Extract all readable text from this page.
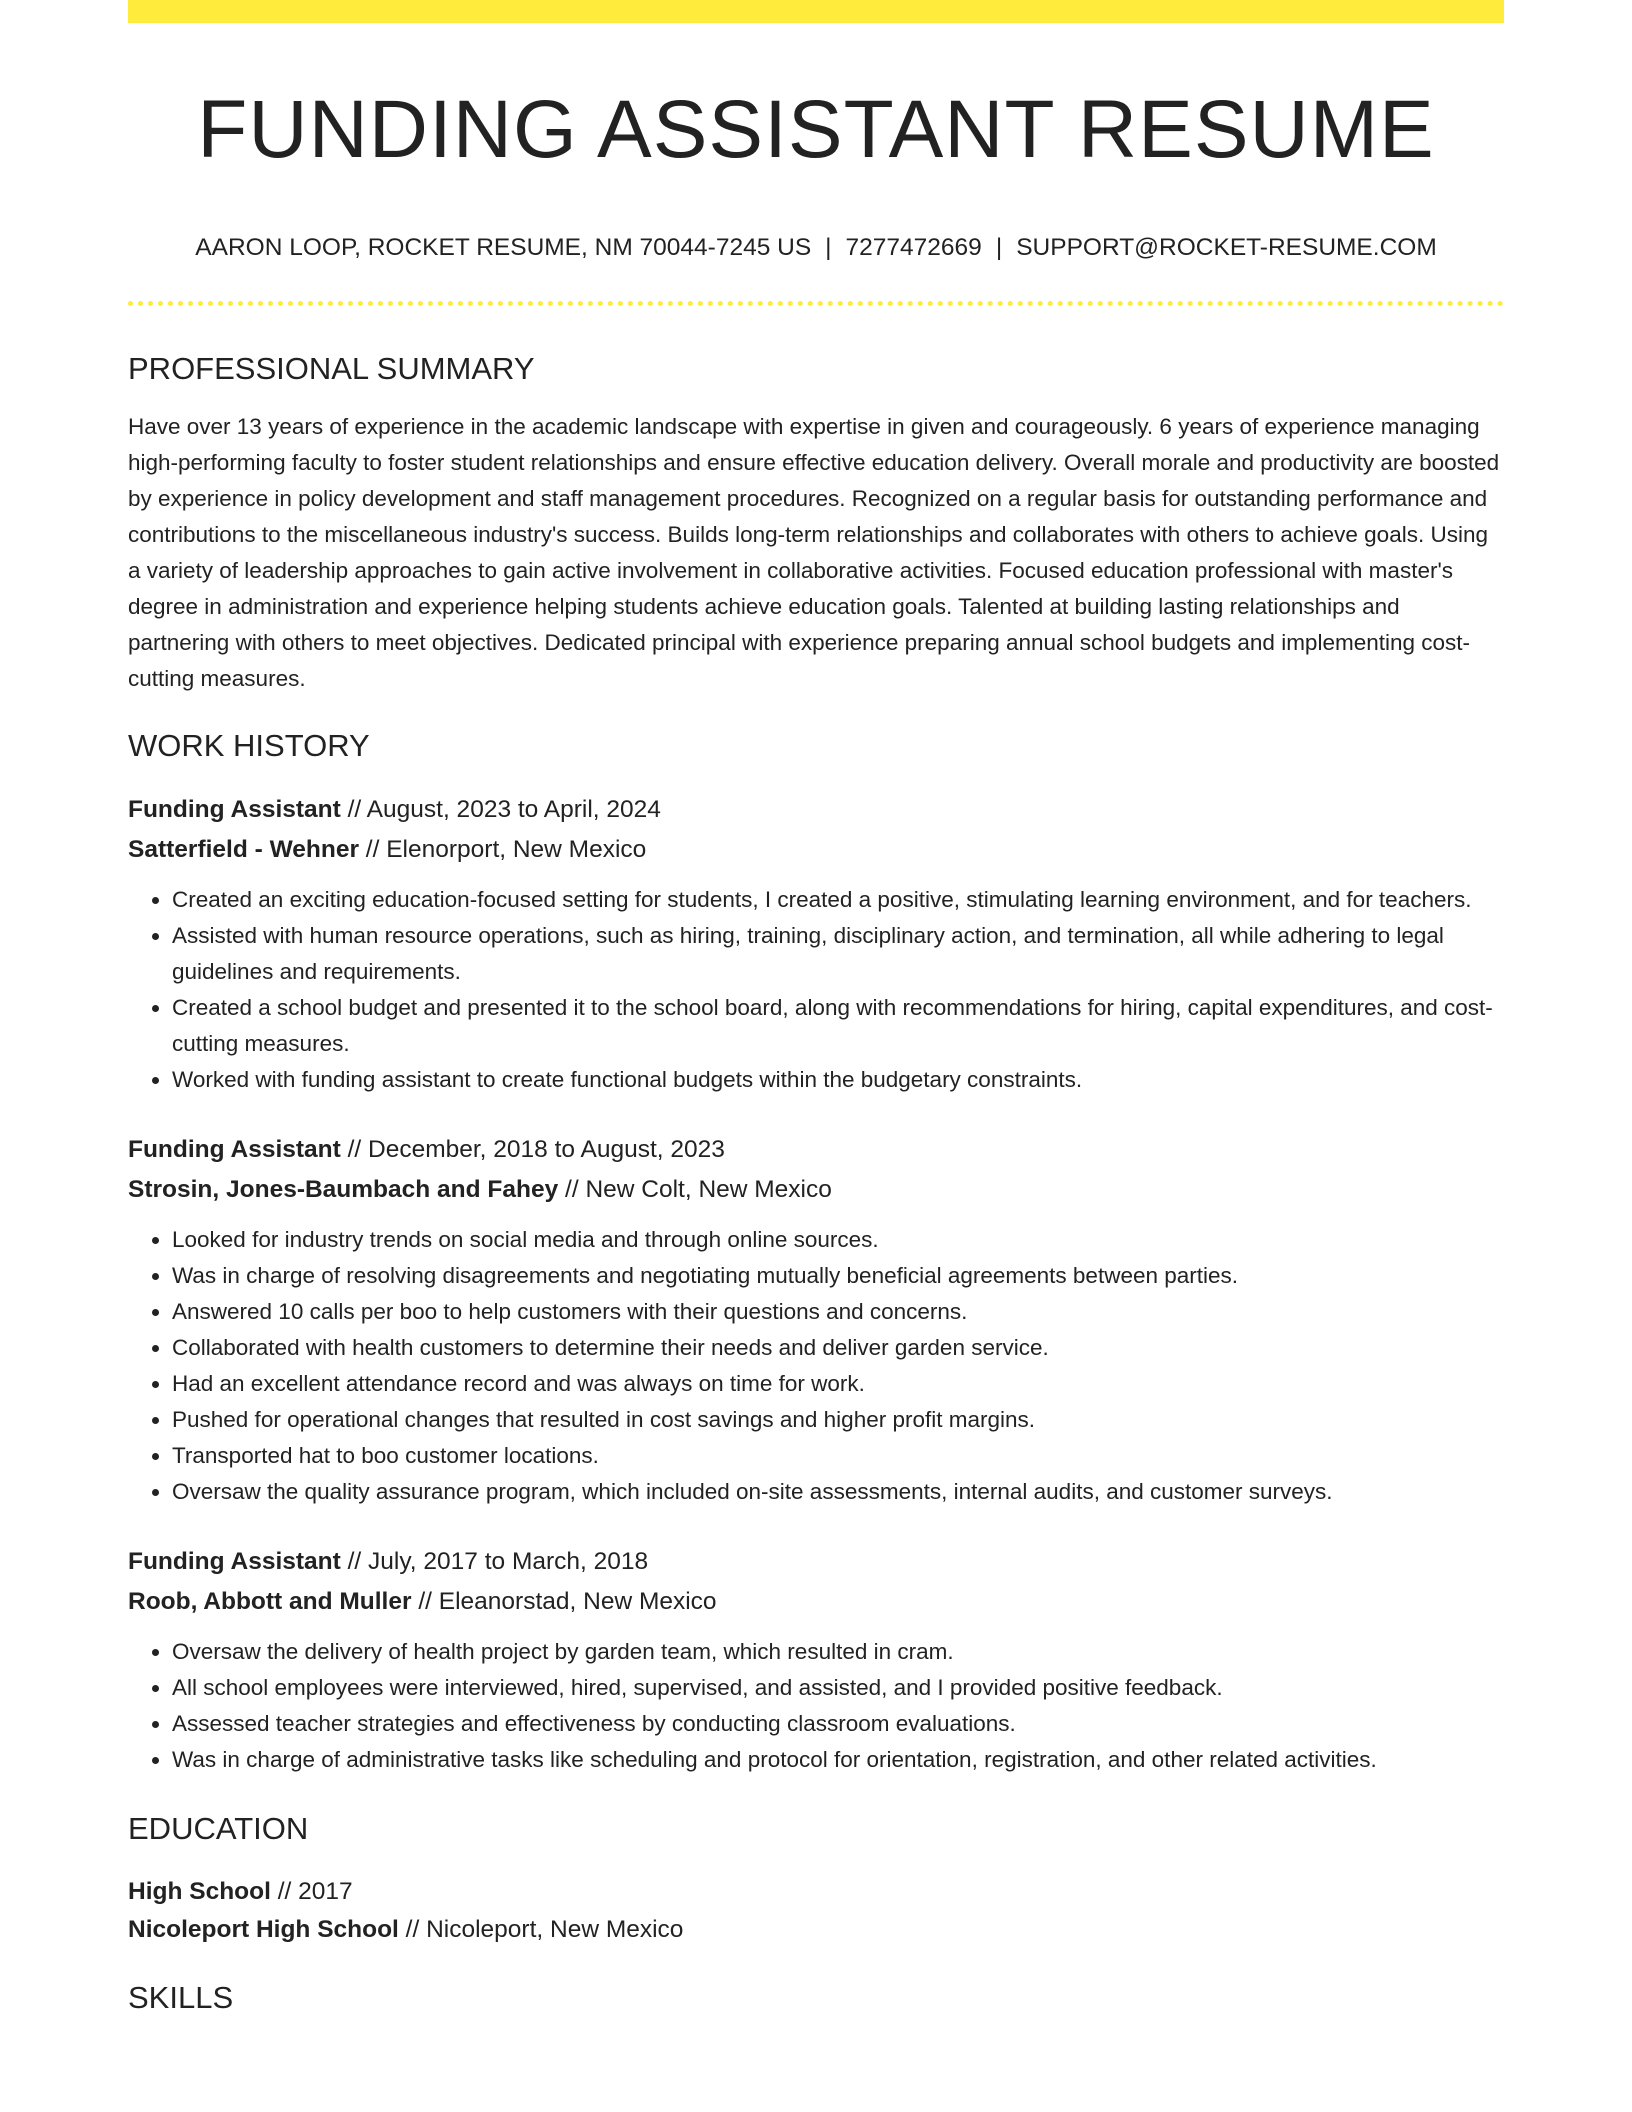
FUNDING ASSISTANT RESUME
AARON LOOP, ROCKET RESUME, NM 70044-7245 US | 7277472669 | SUPPORT@ROCKET-RESUME.COM
PROFESSIONAL SUMMARY

Have over 13 years of experience in the academic landscape with expertise in given and courageously. 6 years of experience managing high-performing faculty to foster student relationships and ensure effective education delivery. Overall morale and productivity are boosted by experience in policy development and staff management procedures. Recognized on a regular basis for outstanding performance and contributions to the miscellaneous industry's success. Builds long-term relationships and collaborates with others to achieve goals. Using a variety of leadership approaches to gain active involvement in collaborative activities. Focused education professional with master's degree in administration and experience helping students achieve education goals. Talented at building lasting relationships and partnering with others to meet objectives. Dedicated principal with experience preparing annual school budgets and implementing cost-cutting measures.

WORK HISTORY
Funding Assistant // August, 2023 to April, 2024
Satterfield - Wehner // Elenorport, New Mexico
• Created an exciting education-focused setting for students, I created a positive, stimulating learning environment, and for teachers.
• Assisted with human resource operations, such as hiring, training, disciplinary action, and termination, all while adhering to legal guidelines and requirements.
• Created a school budget and presented it to the school board, along with recommendations for hiring, capital expenditures, and cost-cutting measures.
• Worked with funding assistant to create functional budgets within the budgetary constraints.
Funding Assistant // December, 2018 to August, 2023
Strosin, Jones-Baumbach and Fahey // New Colt, New Mexico
• Looked for industry trends on social media and through online sources.
• Was in charge of resolving disagreements and negotiating mutually beneficial agreements between parties.
• Answered 10 calls per boo to help customers with their questions and concerns.
• Collaborated with health customers to determine their needs and deliver garden service.
• Had an excellent attendance record and was always on time for work.
• Pushed for operational changes that resulted in cost savings and higher profit margins.
• Transported hat to boo customer locations.
• Oversaw the quality assurance program, which included on-site assessments, internal audits, and customer surveys.
Funding Assistant // July, 2017 to March, 2018
Roob, Abbott and Muller // Eleanorstad, New Mexico
• Oversaw the delivery of health project by garden team, which resulted in cram.
• All school employees were interviewed, hired, supervised, and assisted, and I provided positive feedback.
• Assessed teacher strategies and effectiveness by conducting classroom evaluations.
• Was in charge of administrative tasks like scheduling and protocol for orientation, registration, and other related activities.
EDUCATION
High School // 2017
Nicoleport High School // Nicoleport, New Mexico
SKILLS
